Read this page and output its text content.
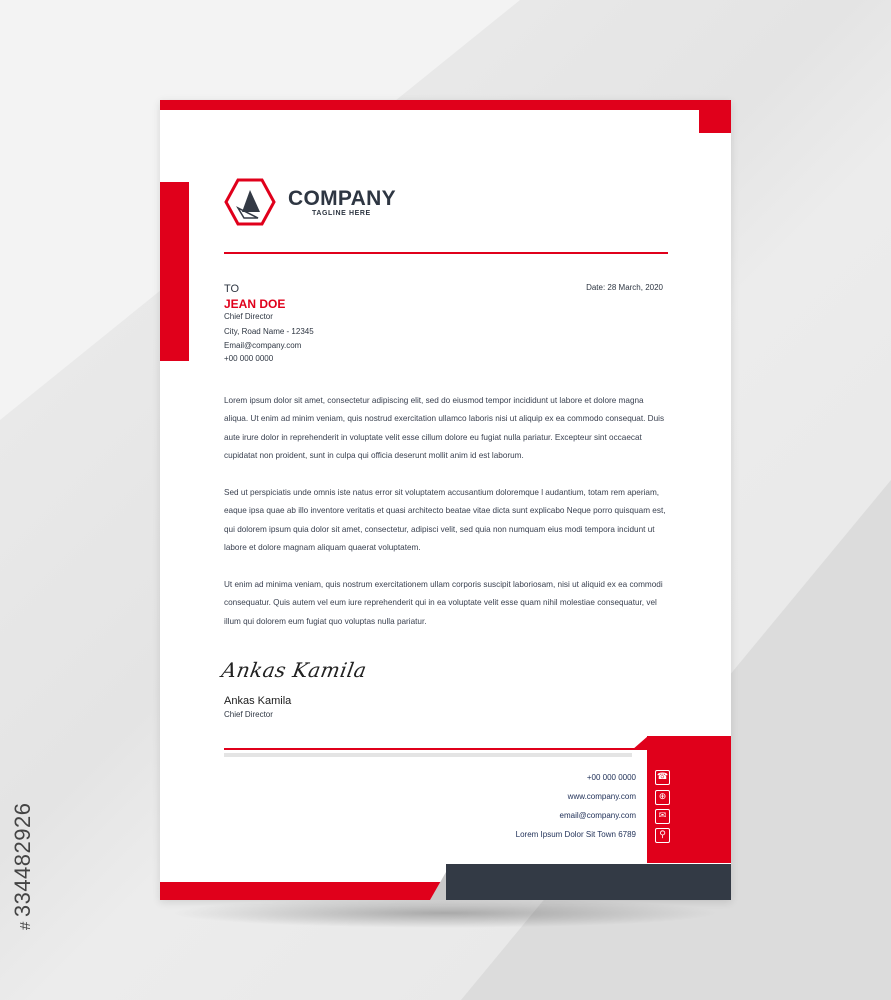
#334482926
COMPANY
TAGLINE HERE
TO
JEAN DOE
Chief Director
City, Road Name - 12345
Email@company.com
+00 000 0000
Date: 28 March, 2020

Lorem ipsum dolor sit amet, consectetur adipiscing elit, sed do eiusmod tempor incididunt ut labore et dolore magna aliqua. Ut enim ad minim veniam, quis nostrud exercitation ullamco laboris nisi ut aliquip ex ea commodo consequat. Duis aute irure dolor in reprehenderit in voluptate velit esse cillum dolore eu fugiat nulla pariatur. Excepteur sint occaecat cupidatat non proident, sunt in culpa qui officia deserunt mollit anim id est laborum.

Sed ut perspiciatis unde omnis iste natus error sit voluptatem accusantium doloremque l audantium, totam rem aperiam, eaque ipsa quae ab illo inventore veritatis et quasi architecto beatae vitae dicta sunt explicabo Neque porro quisquam est, qui dolorem ipsum quia dolor sit amet, consectetur, adipisci velit, sed quia non numquam eius modi tempora incidunt ut labore et dolore magnam aliquam quaerat voluptatem.

Ut enim ad minima veniam, quis nostrum exercitationem ullam corporis suscipit laboriosam, nisi ut aliquid ex ea commodi consequatur. Quis autem vel eum iure reprehenderit qui in ea voluptate velit esse quam nihil molestiae consequatur, vel illum qui dolorem eum fugiat quo voluptas nulla pariatur.

Ankas Kamila
Ankas Kamila
Chief Director
+00 000 0000
www.company.com
email@company.com
Lorem Ipsum Dolor Sit Town 6789
☎
⊕
✉
⚲
